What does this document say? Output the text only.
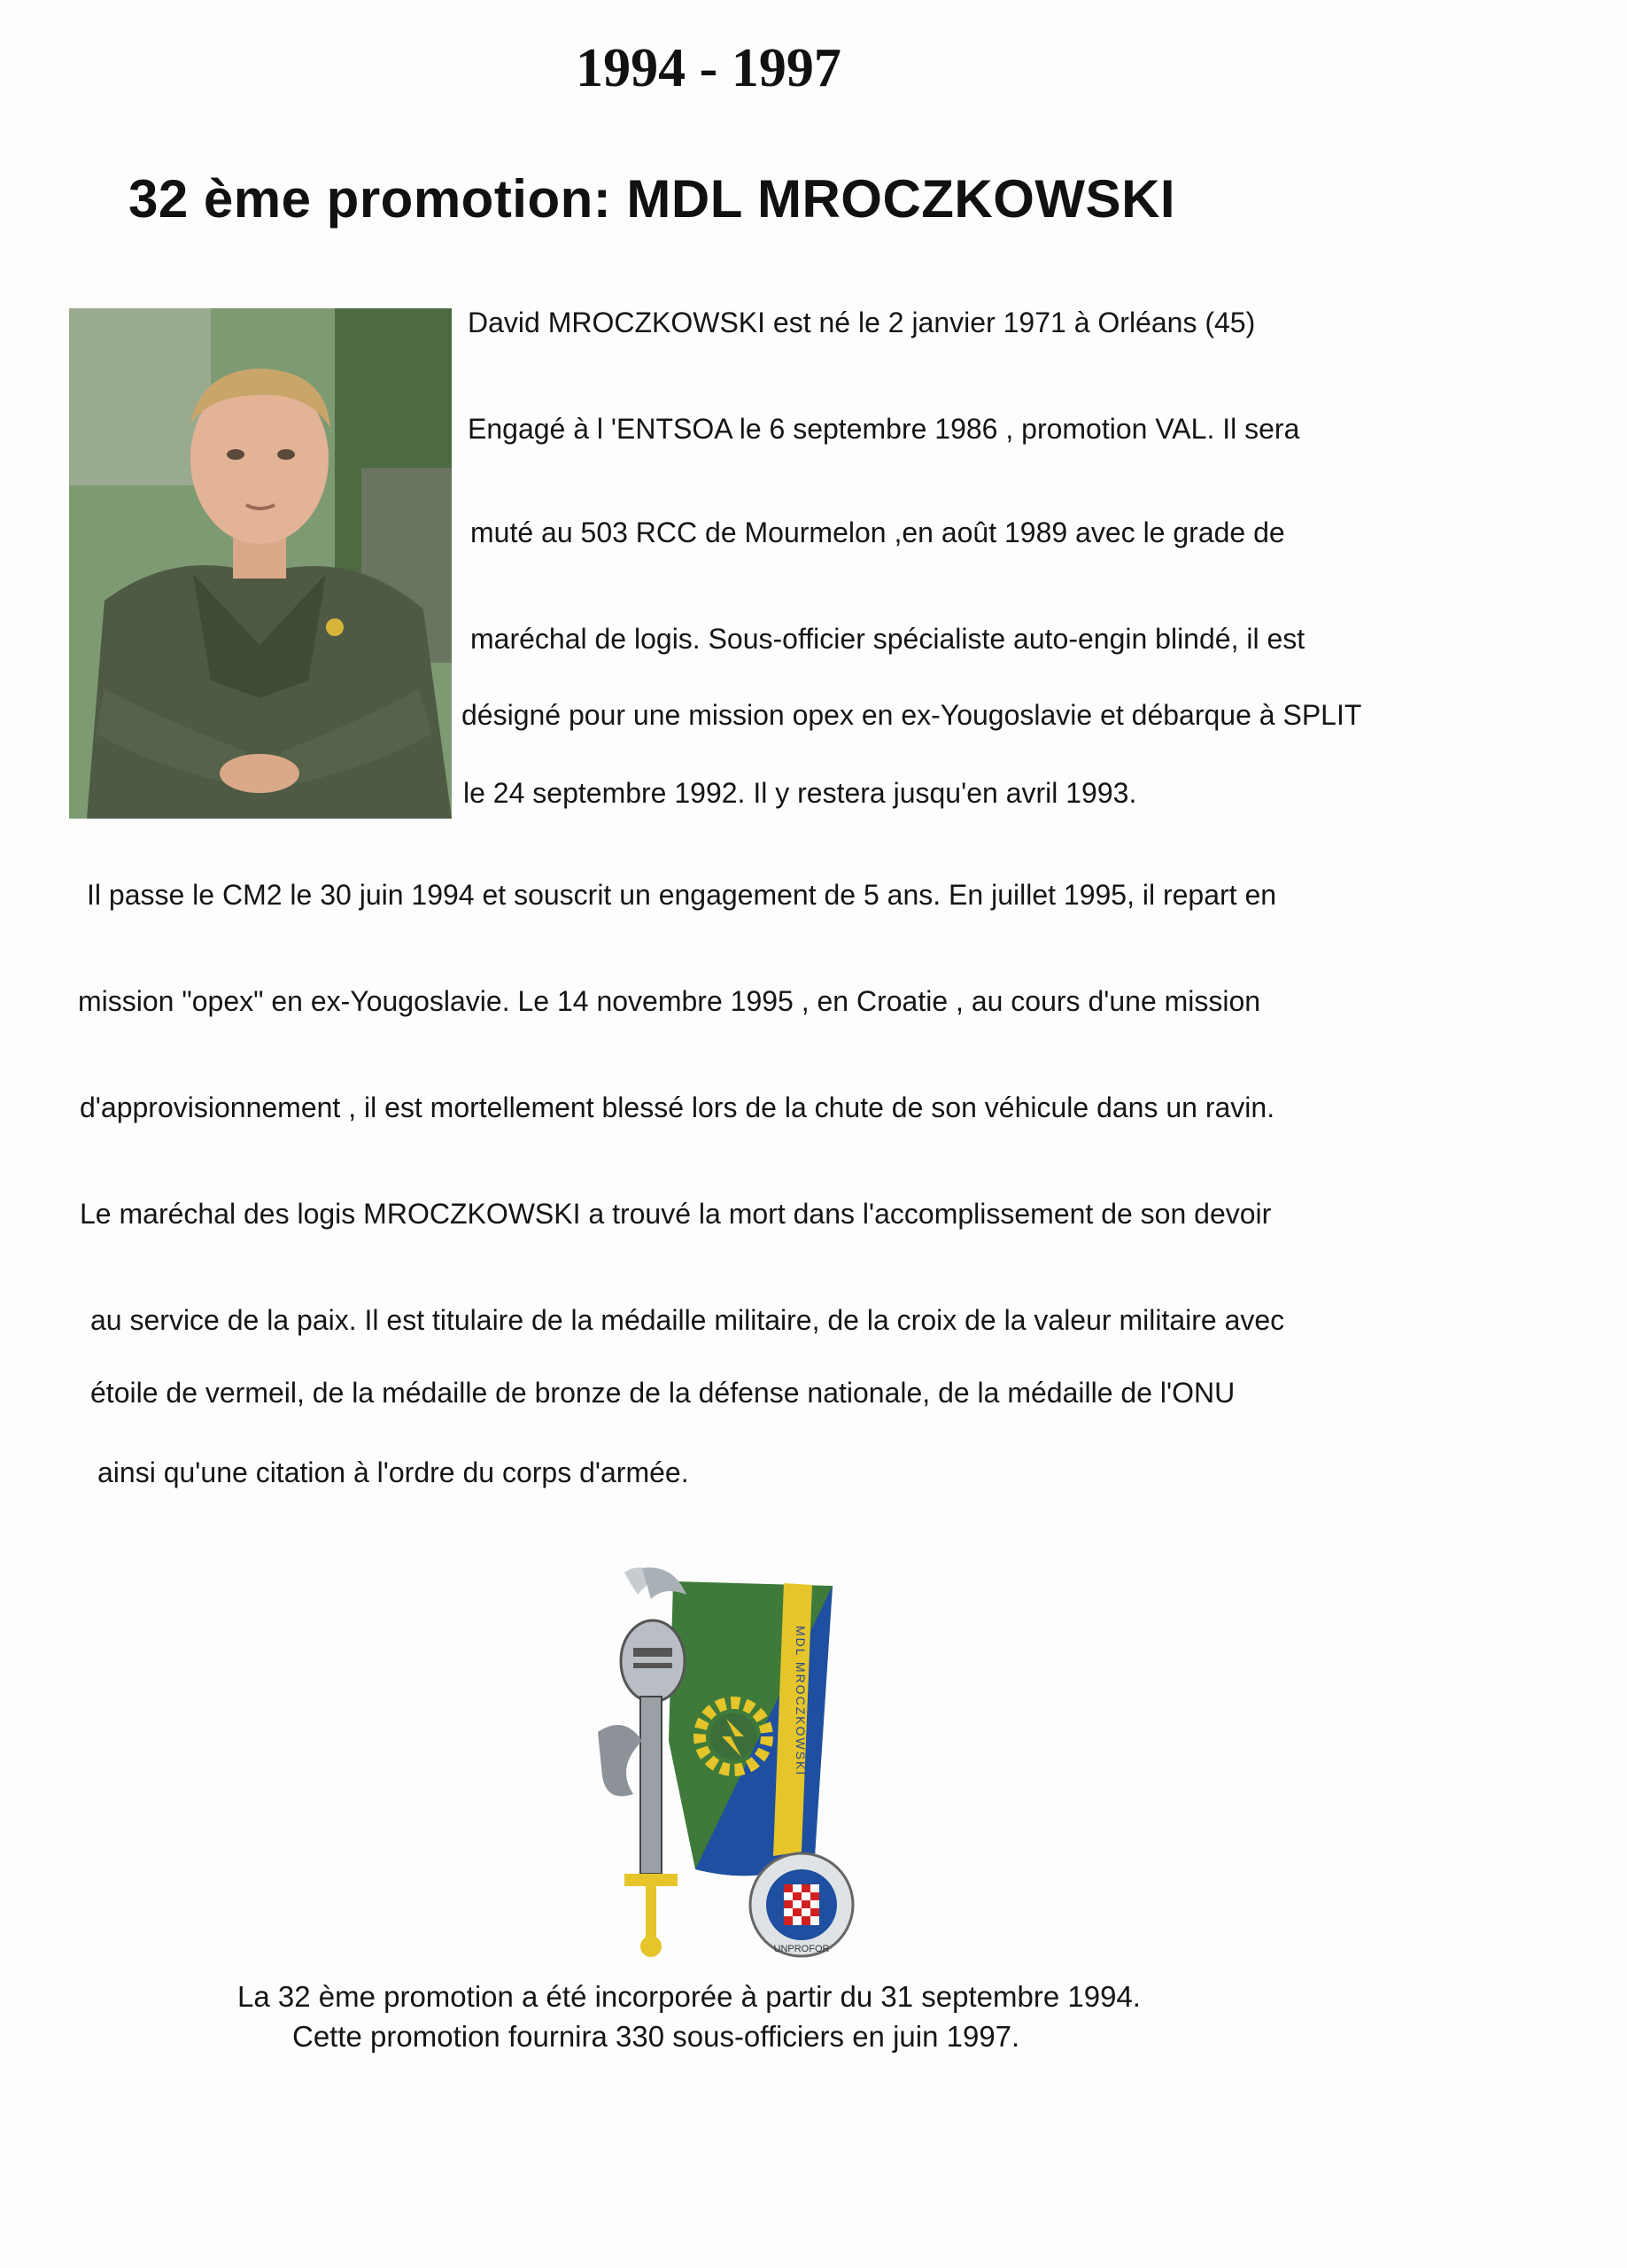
1994 - 1997
32 ème promotion: MDL MROCZKOWSKI
David MROCZKOWSKI est né le 2 janvier 1971 à Orléans (45)
Engagé à l 'ENTSOA le 6 septembre 1986 , promotion VAL. Il sera
muté au 503 RCC de Mourmelon ,en août 1989 avec le grade de
maréchal de logis. Sous-officier spécialiste auto-engin blindé, il est
désigné pour une mission opex en ex-Yougoslavie et débarque à SPLIT
le 24 septembre 1992. Il y restera jusqu'en avril 1993.
Il passe le CM2 le 30 juin 1994 et souscrit un engagement de 5 ans. En juillet 1995, il repart en
mission "opex" en ex-Yougoslavie. Le 14 novembre 1995 , en Croatie , au cours d'une mission
d'approvisionnement , il est mortellement blessé lors de la chute de son véhicule dans un ravin.
Le maréchal des logis MROCZKOWSKI a trouvé la mort dans l'accomplissement de son devoir
au service de la paix. Il est titulaire de la médaille militaire, de la croix de la valeur militaire avec
étoile de vermeil, de la médaille de bronze de la défense nationale, de la médaille de l'ONU
ainsi qu'une citation à l'ordre du corps d'armée.
MDL MROCZKOWSKI
UNPROFOR
La 32 ème promotion a été incorporée à partir du 31 septembre 1994.
Cette promotion fournira 330 sous-officiers en juin 1997.
